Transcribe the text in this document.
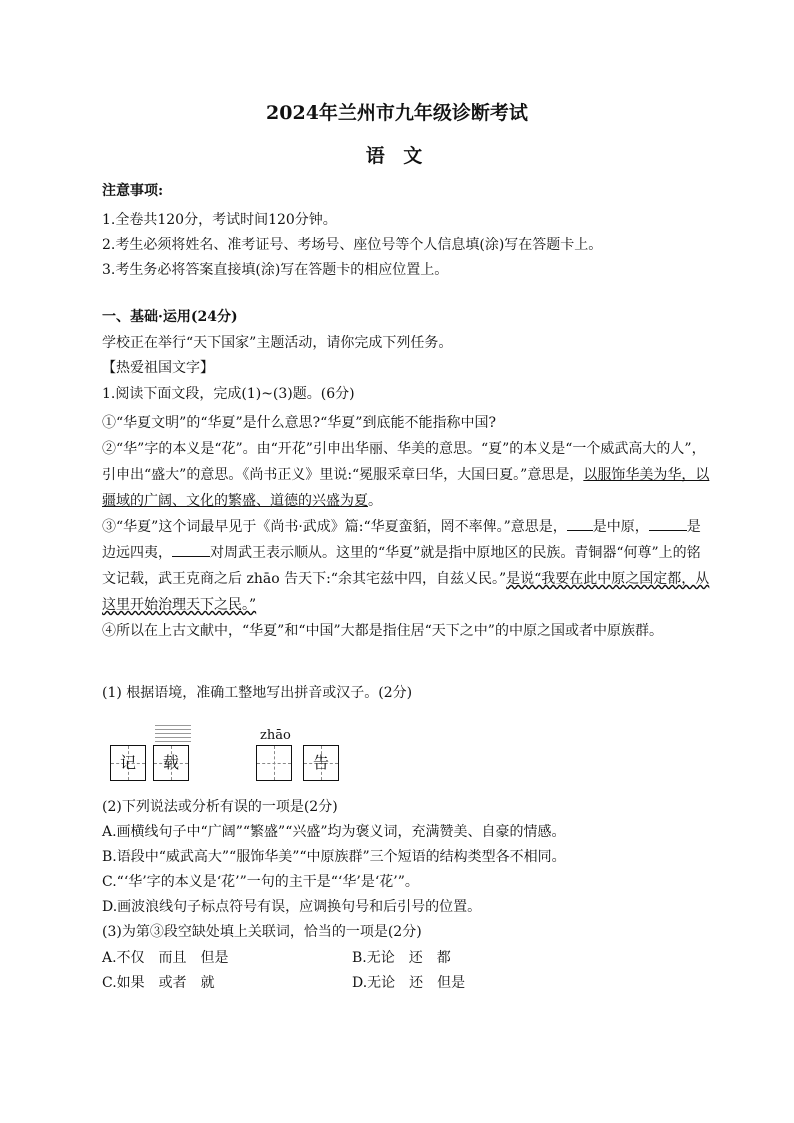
2024年兰州市九年级诊断考试
语 文
注意事项:
1.全卷共120分，考试时间120分钟。
2.考生必须将姓名、准考证号、考场号、座位号等个人信息填(涂)写在答题卡上。
3.考生务必将答案直接填(涂)写在答题卡的相应位置上。
一、基础·运用(24分)
学校正在举行“天下国家”主题活动，请你完成下列任务。
【热爱祖国文字】
1.阅读下面文段，完成(1)~(3)题。(6分)

①“华夏文明”的“华夏”是什么意思?“华夏”到底能不能指称中国?

②“华”字的本义是“花”。由“开花”引申出华丽、华美的意思。“夏”的本义是“一个威武高大的人”，引申出“盛大”的意思。《尚书正义》里说:“冕服采章曰华，大国曰夏。”意思是，以服饰华美为华，以疆域的广阔、文化的繁盛、道德的兴盛为夏。

③“华夏”这个词最早见于《尚书·武成》篇:“华夏蛮貊，罔不率俾。”意思是， 是中原，	是边远四夷，	对周武王表示顺从。这里的“华夏”就是指中原地区的民族。青铜器“何尊”上的铭文记载，武王克商之后 zhāo 告天下:“余其宅兹中四，自兹乂民。”是说“我要在此中原之国定都，从这里开始治理天下之民。”

④所以在上古文献中，“华夏”和“中国”大都是指住居“天下之中”的中原之国或者中原族群。

(1) 根据语境，准确工整地写出拼音或汉子。(2分)
zhāo
记	载	告
(2)下列说法或分析有误的一项是(2分)
A.画横线句子中“广阔”“繁盛”“兴盛”均为褒义词，充满赞美、自豪的情感。
B.语段中“威武高大”“服饰华美”“中原族群”三个短语的结构类型各不相同。
C.“‘华’字的本义是‘花’”一句的主干是“‘华’是‘花’”。
D.画波浪线句子标点符号有误，应调换句号和后引号的位置。
(3)为第③段空缺处填上关联词，恰当的一项是(2分)
A.不仅　而且　但是	B.无论　还　都
C.如果　或者　就	D.无论　还　但是
